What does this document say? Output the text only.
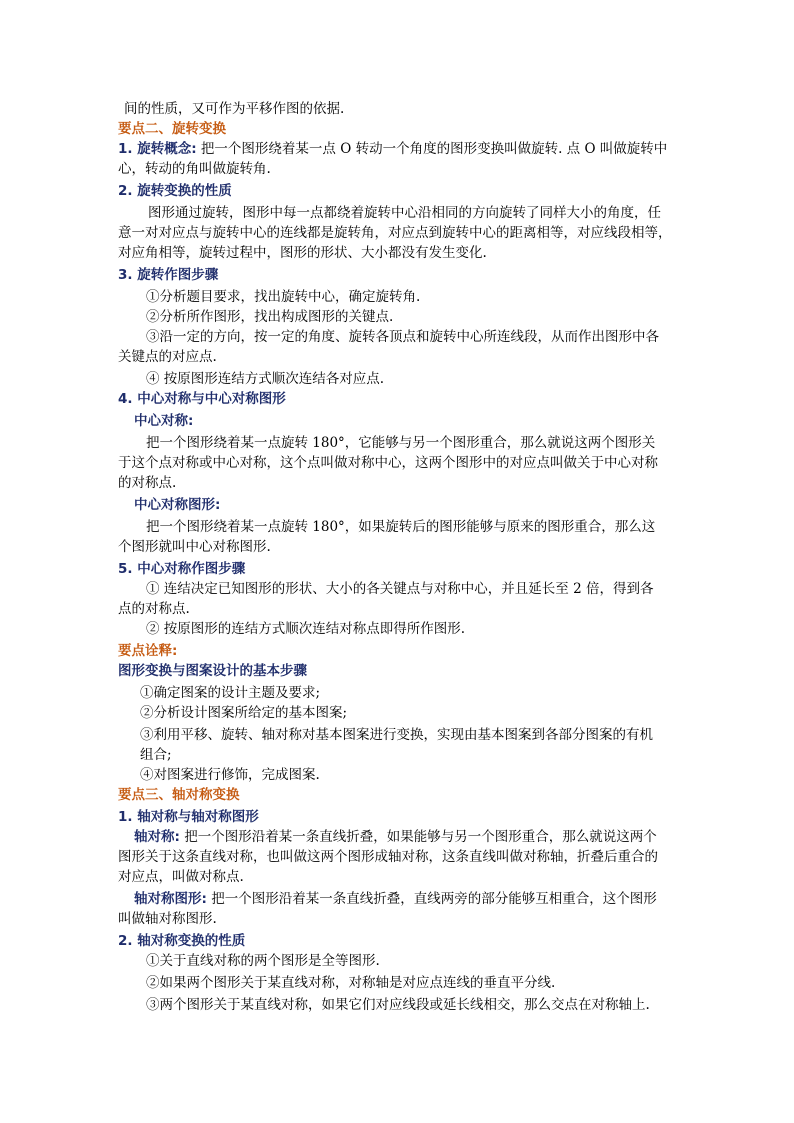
间的性质，又可作为平移作图的依据.
要点二、旋转变换
1. 旋转概念: 把一个图形绕着某一点 O 转动一个角度的图形变换叫做旋转. 点 O 叫做旋转中
心，转动的角叫做旋转角.
2. 旋转变换的性质
图形通过旋转，图形中每一点都绕着旋转中心沿相同的方向旋转了同样大小的角度，任
意一对对应点与旋转中心的连线都是旋转角，对应点到旋转中心的距离相等，对应线段相等，
对应角相等，旋转过程中，图形的形状、大小都没有发生变化.
3. 旋转作图步骤
①分析题目要求，找出旋转中心，确定旋转角.
②分析所作图形，找出构成图形的关键点.
③沿一定的方向，按一定的角度、旋转各顶点和旋转中心所连线段，从而作出图形中各
关键点的对应点.
④ 按原图形连结方式顺次连结各对应点.
4. 中心对称与中心对称图形
中心对称:
把一个图形绕着某一点旋转 180°，它能够与另一个图形重合，那么就说这两个图形关
于这个点对称或中心对称，这个点叫做对称中心，这两个图形中的对应点叫做关于中心对称
的对称点.
中心对称图形:
把一个图形绕着某一点旋转 180°，如果旋转后的图形能够与原来的图形重合，那么这
个图形就叫中心对称图形.
5. 中心对称作图步骤
① 连结决定已知图形的形状、大小的各关键点与对称中心，并且延长至 2 倍，得到各
点的对称点.
② 按原图形的连结方式顺次连结对称点即得所作图形.
要点诠释:
图形变换与图案设计的基本步骤
①确定图案的设计主题及要求;
②分析设计图案所给定的基本图案;
③利用平移、旋转、轴对称对基本图案进行变换，实现由基本图案到各部分图案的有机
组合;
④对图案进行修饰，完成图案.
要点三、轴对称变换
1. 轴对称与轴对称图形
轴对称: 把一个图形沿着某一条直线折叠，如果能够与另一个图形重合，那么就说这两个
图形关于这条直线对称，也叫做这两个图形成轴对称，这条直线叫做对称轴，折叠后重合的
对应点，叫做对称点.
轴对称图形: 把一个图形沿着某一条直线折叠，直线两旁的部分能够互相重合，这个图形
叫做轴对称图形.
2. 轴对称变换的性质
①关于直线对称的两个图形是全等图形.
②如果两个图形关于某直线对称，对称轴是对应点连线的垂直平分线.
③两个图形关于某直线对称，如果它们对应线段或延长线相交，那么交点在对称轴上.
